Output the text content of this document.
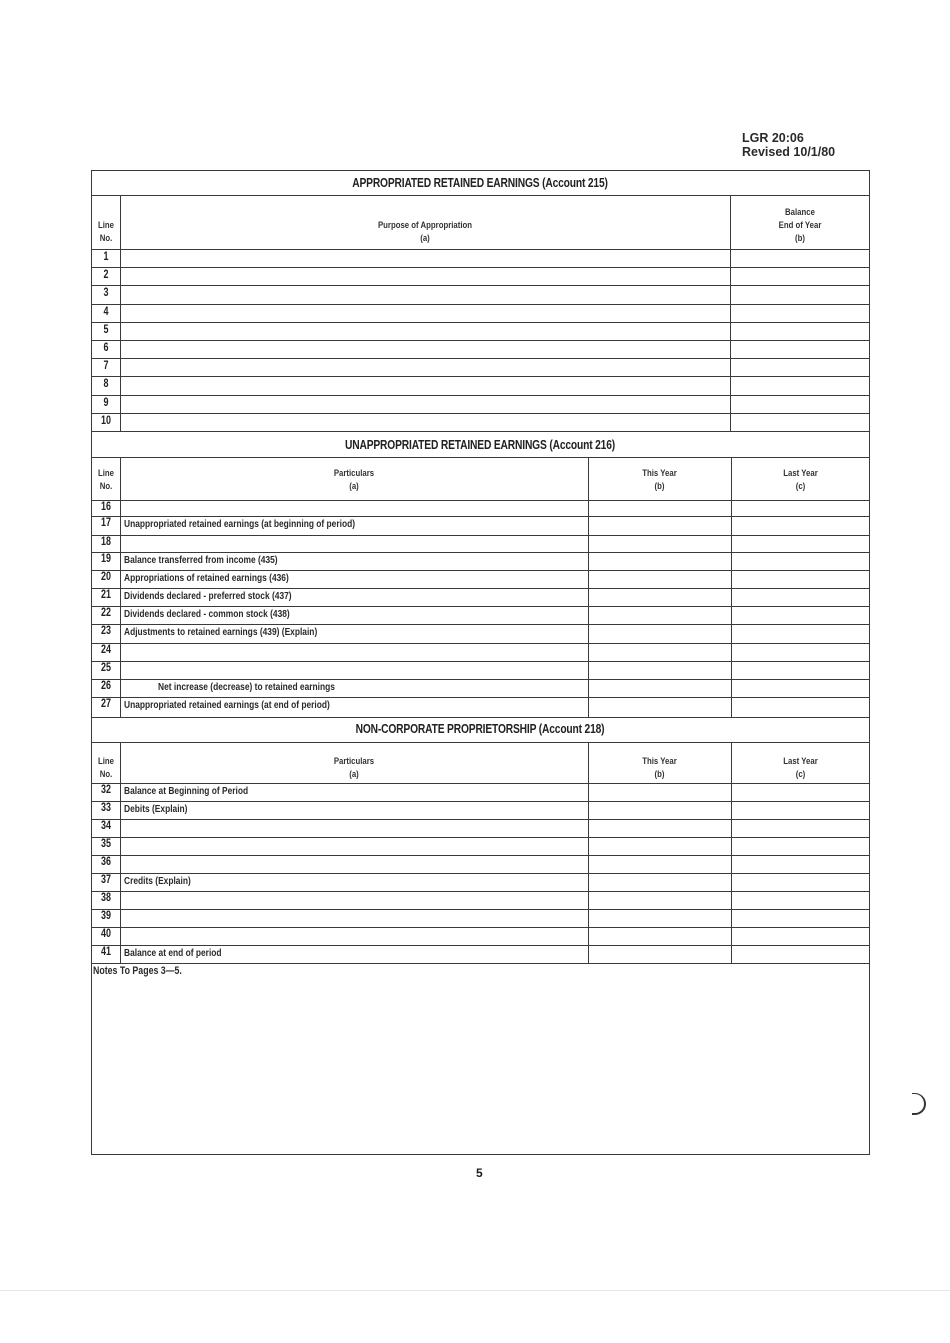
LGR 20:06
Revised 10/1/80
APPROPRIATED RETAINED EARNINGS (Account 215)
Line
No.
Purpose of Appropriation
(a)
Balance
End of Year
(b)
1
2
3
4
5
6
7
8
9
10
UNAPPROPRIATED RETAINED EARNINGS (Account 216)
Line
No.
Particulars
(a)
This Year
(b)
Last Year
(c)
16
17	Unappropriated retained earnings (at beginning of period)
18
19	Balance transferred from income (435)
20	Appropriations of retained earnings (436)
21	Dividends declared - preferred stock (437)
22	Dividends declared - common stock (438)
23	Adjustments to retained earnings (439) (Explain)
24
25
26	Net increase (decrease) to retained earnings
27	Unappropriated retained earnings (at end of period)
NON-CORPORATE PROPRIETORSHIP (Account 218)
Line
No.
Particulars
(a)
This Year
(b)
Last Year
(c)
32	Balance at Beginning of Period
33	Debits (Explain)
34
35
36
37	Credits (Explain)
38
39
40
41	Balance at end of period
Notes To Pages 3—5.
5
